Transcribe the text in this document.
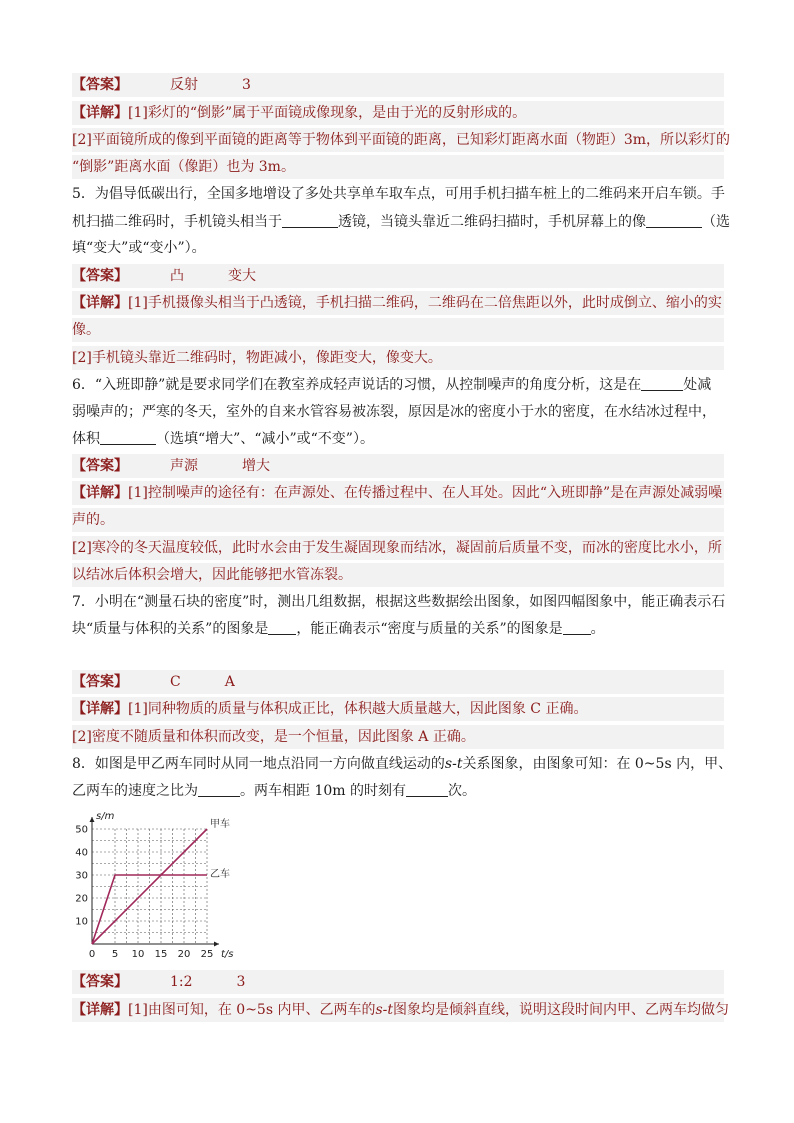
【答案】	反射	3
【详解】[1]彩灯的“倒影”属于平面镜成像现象，是由于光的反射形成的。
[2]平面镜所成的像到平面镜的距离等于物体到平面镜的距离，已知彩灯距离水面（物距）3m，所以彩灯的
“倒影”距离水面（像距）也为 3m。
5．为倡导低碳出行，全国多地增设了多处共享单车取车点，可用手机扫描车桩上的二维码来开启车锁。手
机扫描二维码时，手机镜头相当于	透镜，当镜头靠近二维码扫描时，手机屏幕上的像	（选
填“变大”或“变小”）。
【答案】	凸	变大
【详解】[1]手机摄像头相当于凸透镜，手机扫描二维码，二维码在二倍焦距以外，此时成倒立、缩小的实
像。
[2]手机镜头靠近二维码时，物距减小，像距变大，像变大。
6．“入班即静”就是要求同学们在教室养成轻声说话的习惯，从控制噪声的角度分析，这是在	处减
弱噪声的；严寒的冬天，室外的自来水管容易被冻裂，原因是冰的密度小于水的密度，在水结冰过程中，
体积	（选填“增大”、“减小”或“不变”）。
【答案】	声源	增大
【详解】[1]控制噪声的途径有：在声源处、在传播过程中、在人耳处。因此“入班即静”是在声源处减弱噪
声的。
[2]寒冷的冬天温度较低，此时水会由于发生凝固现象而结冰，凝固前后质量不变，而冰的密度比水小，所
以结冰后体积会增大，因此能够把水管冻裂。
7．小明在“测量石块的密度”时，测出几组数据，根据这些数据绘出图象，如图四幅图象中，能正确表示石
块“质量与体积的关系”的图象是 ，能正确表示“密度与质量的关系”的图象是 。
【答案】	C	A
【详解】[1]同种物质的质量与体积成正比，体积越大质量越大，因此图象 C 正确。
[2]密度不随质量和体积而改变，是一个恒量，因此图象 A 正确。
8．如图是甲乙两车同时从同一地点沿同一方向做直线运动的s-t关系图象，由图象可知：在 0~5s 内，甲、
乙两车的速度之比为	。两车相距 10m 的时刻有	次。
0 5 10 15 20 25
10
20
30
40
50
t/s
s/m
甲车
乙车
【答案】	1:2	3
【详解】[1]由图可知，在 0~5s 内甲、乙两车的s-t图象均是倾斜直线，说明这段时间内甲、乙两车均做匀
